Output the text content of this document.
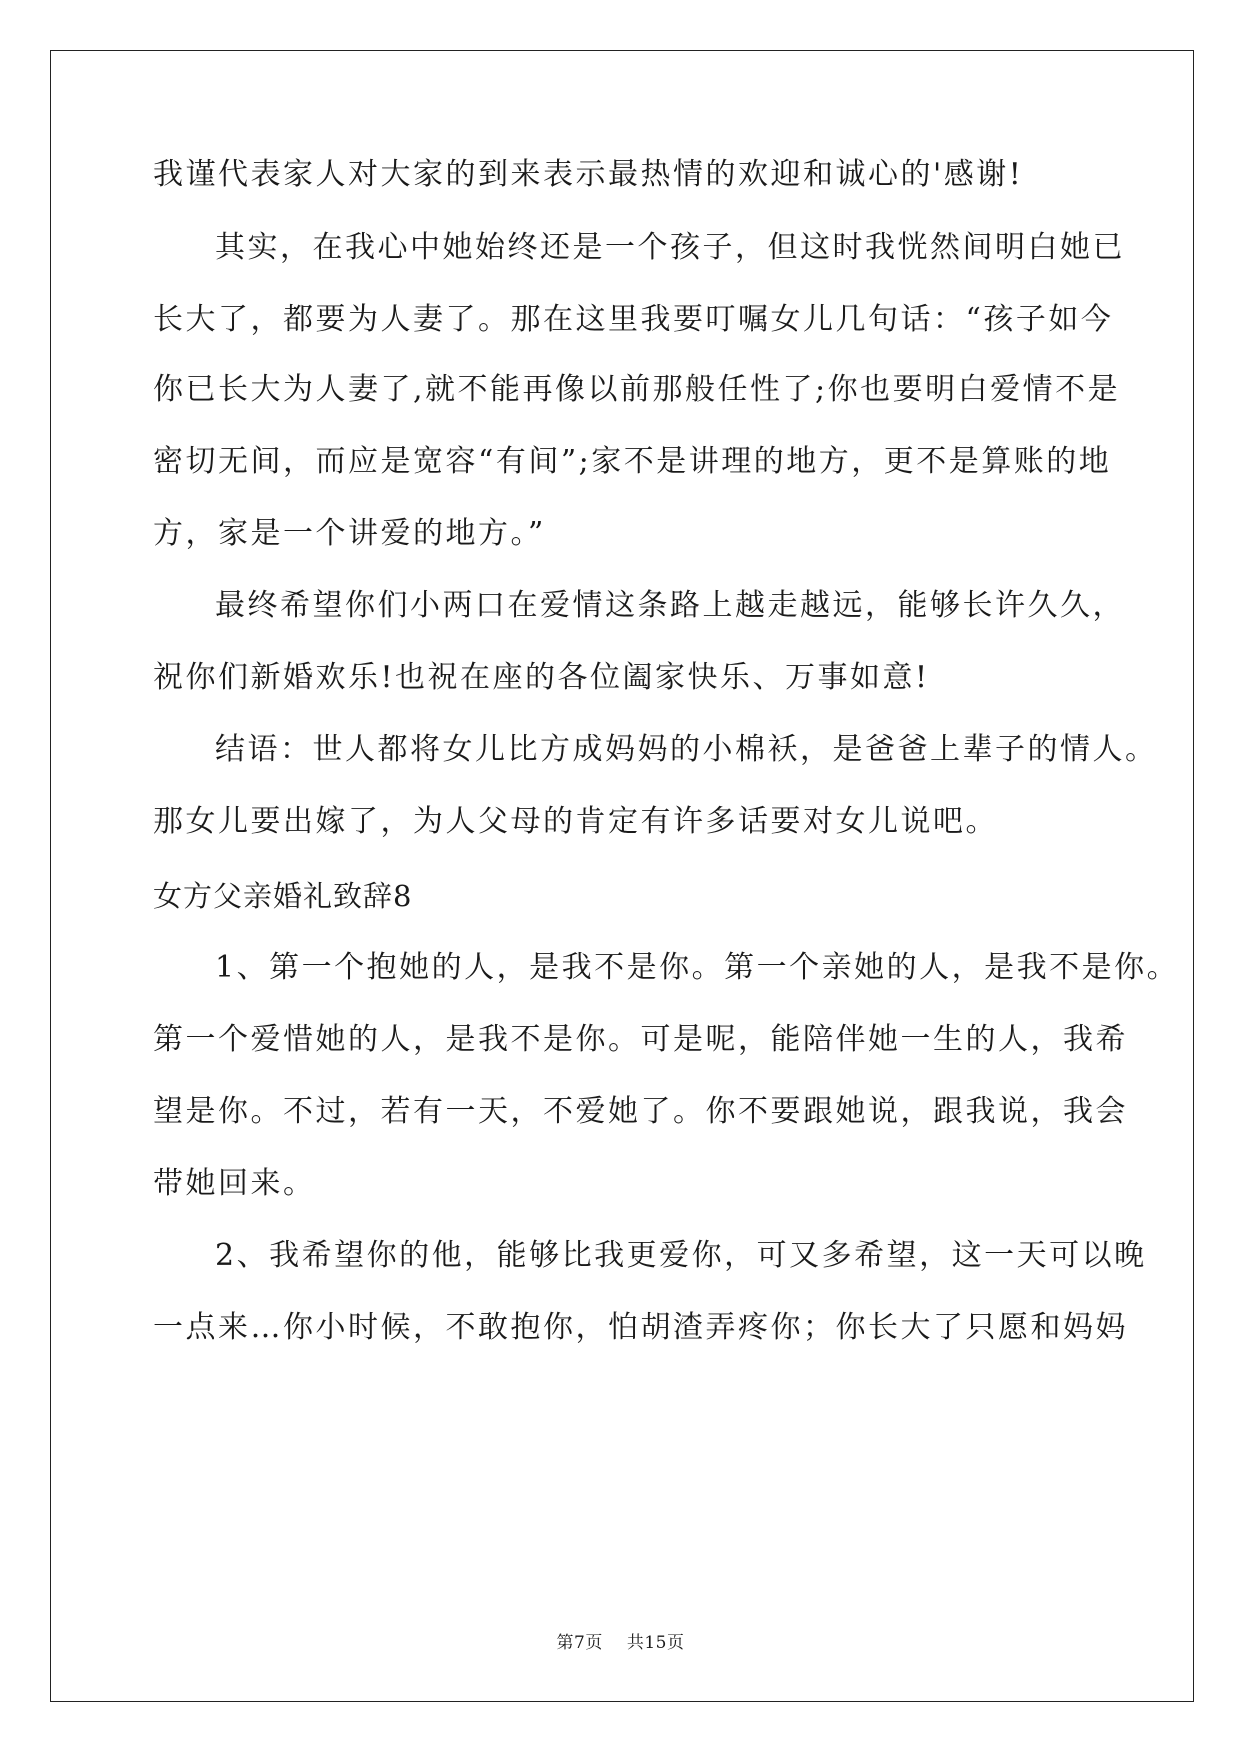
我谨代表家人对大家的到来表示最热情的欢迎和诚心的'感谢!
其实，在我心中她始终还是一个孩子，但这时我恍然间明白她已
长大了，都要为人妻了。那在这里我要叮嘱女儿几句话：“孩子如今
你已长大为人妻了,就不能再像以前那般任性了;你也要明白爱情不是
密切无间，而应是宽容“有间”;家不是讲理的地方，更不是算账的地
方，家是一个讲爱的地方。”
最终希望你们小两口在爱情这条路上越走越远，能够长许久久，
祝你们新婚欢乐!也祝在座的各位阖家快乐、万事如意!
结语：世人都将女儿比方成妈妈的小棉袄，是爸爸上辈子的情人。
那女儿要出嫁了，为人父母的肯定有许多话要对女儿说吧。
女方父亲婚礼致辞8
1、第一个抱她的人，是我不是你。第一个亲她的人，是我不是你。
第一个爱惜她的人，是我不是你。可是呢，能陪伴她一生的人，我希
望是你。不过，若有一天，不爱她了。你不要跟她说，跟我说，我会
带她回来。
2、我希望你的他，能够比我更爱你，可又多希望，这一天可以晚
一点来…你小时候，不敢抱你，怕胡渣弄疼你；你长大了只愿和妈妈
第7页 共15页
